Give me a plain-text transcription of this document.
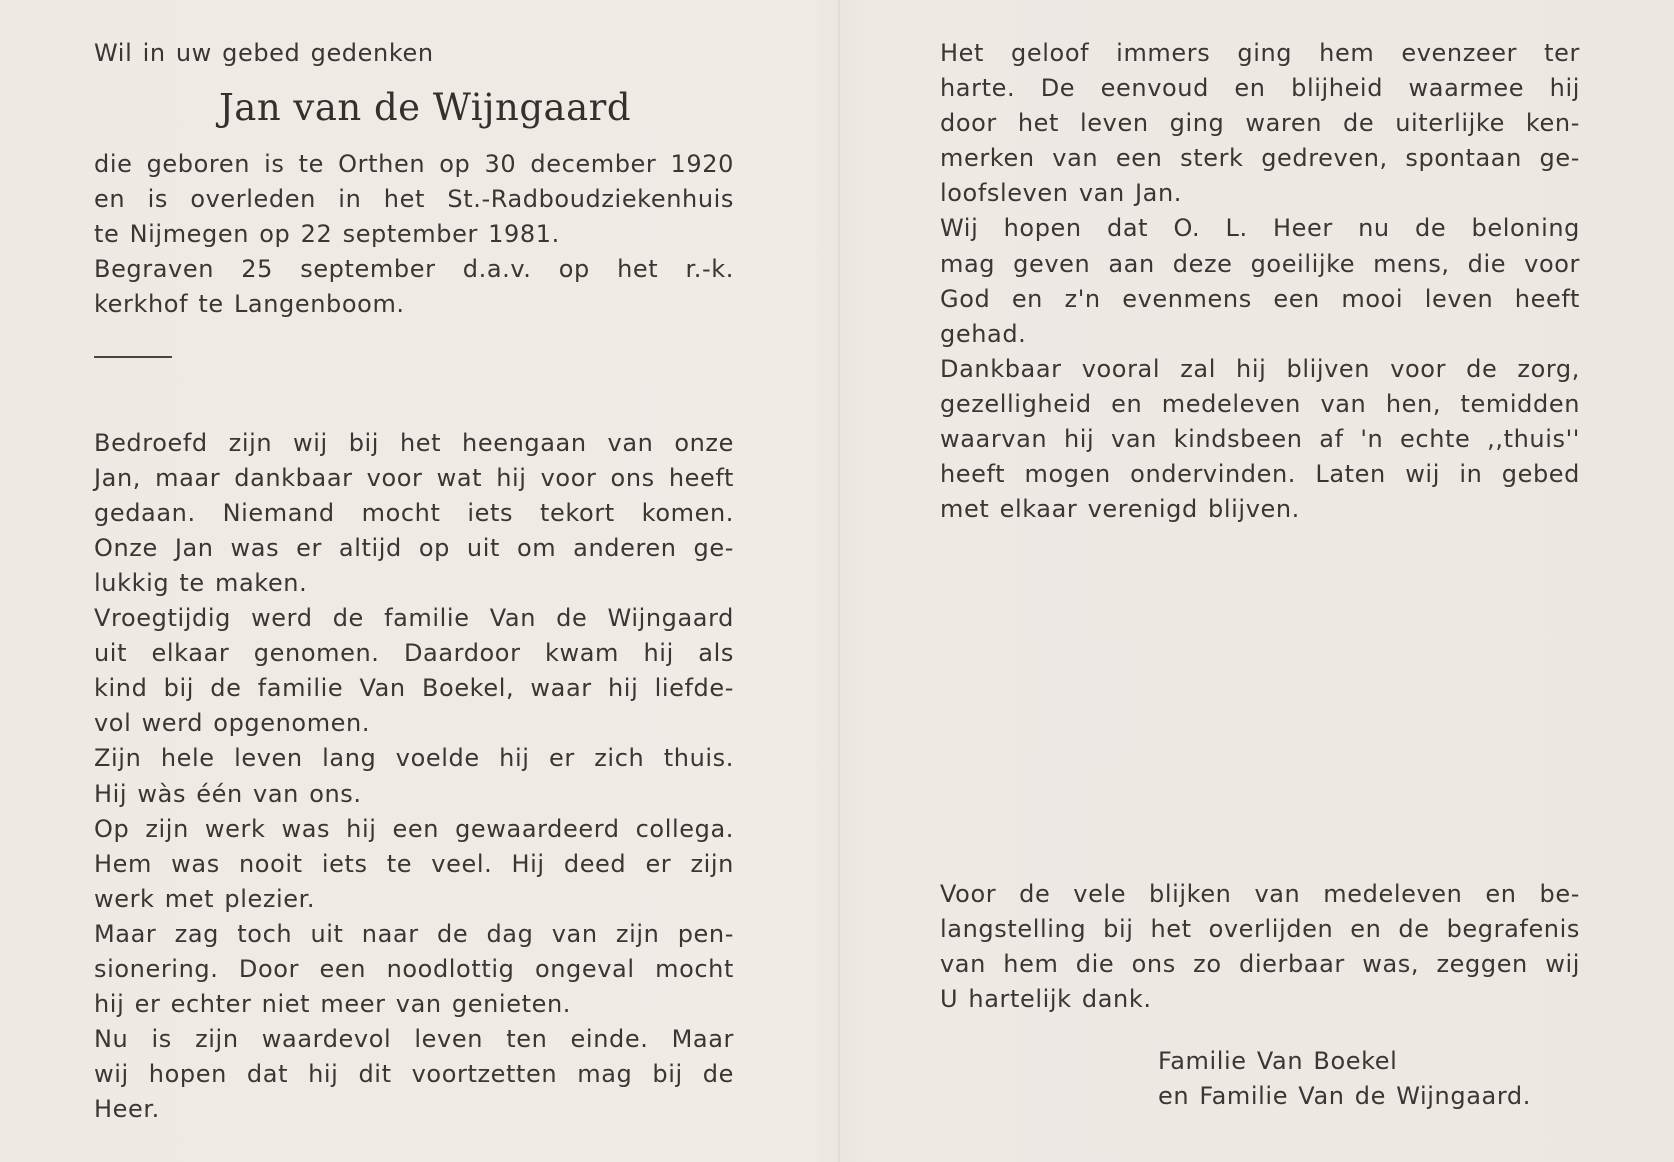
Wil in uw gebed gedenken
Jan van de Wijngaard
die geboren is te Orthen op 30 december 1920
en is overleden in het St.-Radboudziekenhuis
te Nijmegen op 22 september 1981.
Begraven 25 september d.a.v. op het r.-k.
kerkhof te Langenboom.
Bedroefd zijn wij bij het heengaan van onze
Jan, maar dankbaar voor wat hij voor ons heeft
gedaan. Niemand mocht iets tekort komen.
Onze Jan was er altijd op uit om anderen ge-
lukkig te maken.
Vroegtijdig werd de familie Van de Wijngaard
uit elkaar genomen. Daardoor kwam hij als
kind bij de familie Van Boekel, waar hij liefde-
vol werd opgenomen.
Zijn hele leven lang voelde hij er zich thuis.
Hij wàs één van ons.
Op zijn werk was hij een gewaardeerd collega.
Hem was nooit iets te veel. Hij deed er zijn
werk met plezier.
Maar zag toch uit naar de dag van zijn pen-
sionering. Door een noodlottig ongeval mocht
hij er echter niet meer van genieten.
Nu is zijn waardevol leven ten einde. Maar
wij hopen dat hij dit voortzetten mag bij de
Heer.
Het geloof immers ging hem evenzeer ter
harte. De eenvoud en blijheid waarmee hij
door het leven ging waren de uiterlijke ken-
merken van een sterk gedreven, spontaan ge-
loofsleven van Jan.
Wij hopen dat O. L. Heer nu de beloning
mag geven aan deze goeilijke mens, die voor
God en z'n evenmens een mooi leven heeft
gehad.
Dankbaar vooral zal hij blijven voor de zorg,
gezelligheid en medeleven van hen, temidden
waarvan hij van kindsbeen af 'n echte ,,thuis''
heeft mogen ondervinden. Laten wij in gebed
met elkaar verenigd blijven.
Voor de vele blijken van medeleven en be-
langstelling bij het overlijden en de begrafenis
van hem die ons zo dierbaar was, zeggen wij
U hartelijk dank.
Familie Van Boekel
en Familie Van de Wijngaard.
